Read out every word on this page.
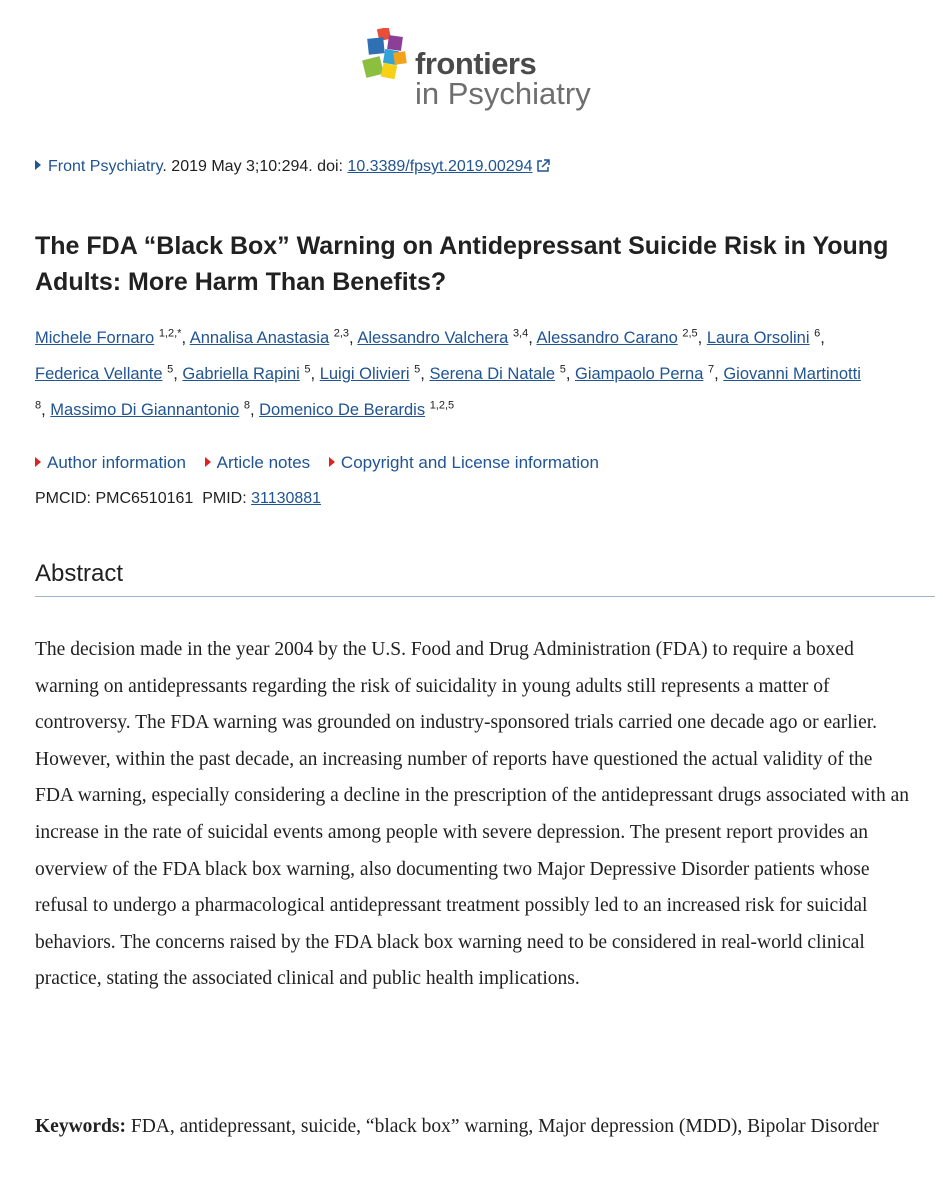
frontiers
in Psychiatry
Front Psychiatry. 2019 May 3;10:294. doi: 10.3389/fpsyt.2019.00294
The FDA “Black Box” Warning on Antidepressant Suicide Risk in Young Adults: More Harm Than Benefits?

Michele Fornaro $^{1,2,*}$, Annalisa Anastasia $^{2,3}$, Alessandro Valchera $^{3,4}$, Alessandro Carano $^{2,5}$, Laura Orsolini $^6$,
Federica Vellante $^5$, Gabriella Rapini $^5$, Luigi Olivieri $^5$, Serena Di Natale $^5$, Giampaolo Perna $^7$, Giovanni Martinotti
$^8$, Massimo Di Giannantonio $^8$, Domenico De Berardis $^{1,2,5}$

Author information Article notes Copyright and License information
PMCID: PMC6510161 PMID: 31130881
Abstract

The decision made in the year 2004 by the U.S. Food and Drug Administration (FDA) to require a boxed warning on antidepressants regarding the risk of suicidality in young adults still represents a matter of controversy. The FDA warning was grounded on industry-sponsored trials carried one decade ago or earlier. However, within the past decade, an increasing number of reports have questioned the actual validity of the FDA warning, especially considering a decline in the prescription of the antidepressant drugs associated with an increase in the rate of suicidal events among people with severe depression. The present report provides an overview of the FDA black box warning, also documenting two Major Depressive Disorder patients whose refusal to undergo a pharmacological antidepressant treatment possibly led to an increased risk for suicidal behaviors. The concerns raised by the FDA black box warning need to be considered in real-world clinical practice, stating the associated clinical and public health implications.

Keywords: FDA, antidepressant, suicide, “black box” warning, Major depression (MDD), Bipolar Disorder
